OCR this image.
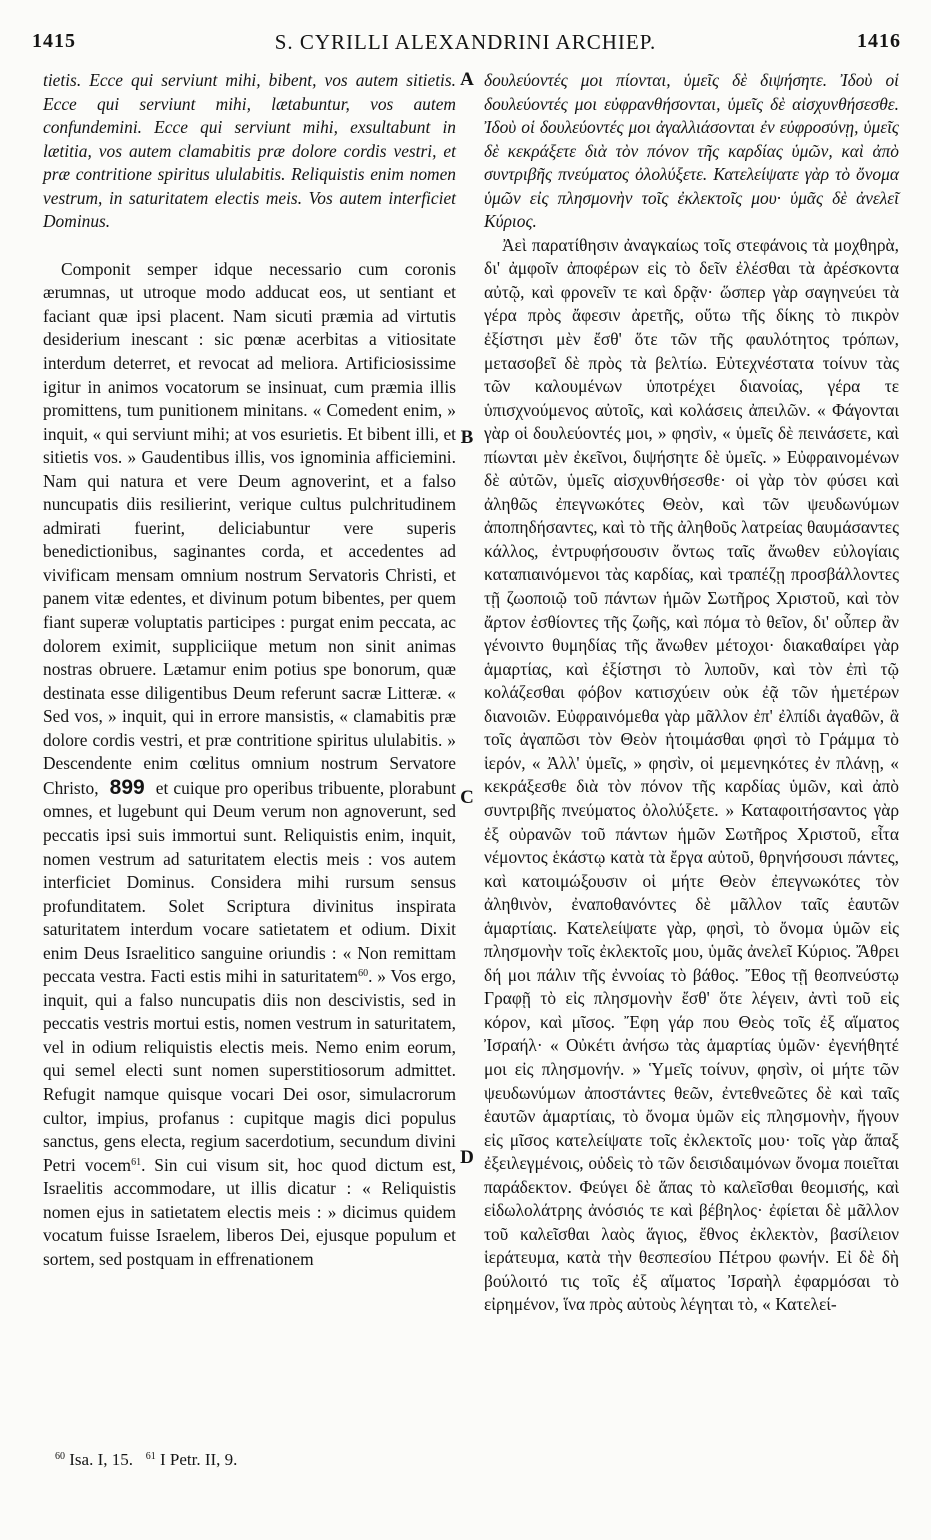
1415	S. CYRILLI ALEXANDRINI ARCHIEP.	1416

tietis. Ecce qui serviunt mihi, bibent, vos autem sitietis. Ecce qui serviunt mihi, lætabuntur, vos autem confundemini. Ecce qui serviunt mihi, exsultabunt in lætitia, vos autem clamabitis præ dolore cordis vestri, et præ contritione spiritus ululabitis. Reliquistis enim nomen vestrum, in saturitatem electis meis. Vos autem interficiet Dominus.

Componit semper idque necessario cum coronis ærumnas, ut utroque modo adducat eos, ut sentiant et faciant quæ ipsi placent. Nam sicuti præmia ad virtutis desiderium inescant : sic pœnæ acerbitas a vitiositate interdum deterret, et revocat ad meliora. Artificiosissime igitur in animos vocatorum se insinuat, cum præmia illis promittens, tum punitionem minitans. « Comedent enim, » inquit, « qui serviunt mihi; at vos esurietis. Et bibent illi, et sitietis vos. » Gaudentibus illis, vos ignominia afficiemini. Nam qui natura et vere Deum agnoverint, et a falso nuncupatis diis resilierint, verique cultus pulchritudinem admirati fuerint, deliciabuntur vere superis benedictionibus, saginantes corda, et accedentes ad vivificam mensam omnium nostrum Servatoris Christi, et panem vitæ edentes, et divinum potum bibentes, per quem fiant superæ voluptatis participes : purgat enim peccata, ac dolorem eximit, suppliciique metum non sinit animas nostras obruere. Lætamur enim potius spe bonorum, quæ destinata esse diligentibus Deum referunt sacræ Litteræ. « Sed vos, » inquit, qui in errore mansistis, « clamabitis præ dolore cordis vestri, et præ contritione spiritus ululabitis. » Descendente enim cœlitus omnium nostrum Servatore Christo, 899 et cuique pro operibus tribuente, plorabunt omnes, et lugebunt qui Deum verum non agnoverunt, sed peccatis ipsi suis immortui sunt. Reliquistis enim, inquit, nomen vestrum ad saturitatem electis meis : vos autem interficiet Dominus. Considera mihi rursum sensus profunditatem. Solet Scriptura divinitus inspirata saturitatem interdum vocare satietatem et odium. Dixit enim Deus Israelitico sanguine oriundis : « Non remittam peccata vestra. Facti estis mihi in saturitatem$^{60}$. » Vos ergo, inquit, qui a falso nuncupatis diis non descivistis, sed in peccatis vestris mortui estis, nomen vestrum in saturitatem, vel in odium reliquistis electis meis. Nemo enim eorum, qui semel electi sunt nomen superstitiosorum admittet. Refugit namque quisque vocari Dei osor, simulacrorum cultor, impius, profanus : cupitque magis dici populus sanctus, gens electa, regium sacerdotium, secundum divini Petri vocem$^{61}$. Sin cui visum sit, hoc quod dictum est, Israelitis accommodare, ut illis dicatur : « Reliquistis nomen ejus in satietatem electis meis : » dicimus quidem vocatum fuisse Israelem, liberos Dei, ejusque populum et sortem, sed postquam in effrenationem

A
B
C
D

δουλεύοντές μοι πίονται, ὑμεῖς δὲ διψήσητε. Ἰδοὺ οἱ δουλεύοντές μοι εὐφρανθήσονται, ὑμεῖς δὲ αἰσχυνθήσεσθε. Ἰδοὺ οἱ δουλεύοντές μοι ἀγαλλιάσονται ἐν εὐφροσύνῃ, ὑμεῖς δὲ κεκράξετε διὰ τὸν πόνον τῆς καρδίας ὑμῶν, καὶ ἀπὸ συντριβῆς πνεύματος ὀλολύξετε. Κατελείψατε γὰρ τὸ ὄνομα ὑμῶν εἰς πλησμονὴν τοῖς ἐκλεκτοῖς μου· ὑμᾶς δὲ ἀνελεῖ Κύριος.

Ἀεὶ παρατίθησιν ἀναγκαίως τοῖς στεφάνοις τὰ μοχθηρὰ, δι' ἀμφοῖν ἀποφέρων εἰς τὸ δεῖν ἐλέσθαι τὰ ἀρέσκοντα αὐτῷ, καὶ φρονεῖν τε καὶ δρᾷν· ὥσπερ γὰρ σαγηνεύει τὰ γέρα πρὸς ἄφεσιν ἀρετῆς, οὕτω τῆς δίκης τὸ πικρὸν ἐξίστησι μὲν ἔσθ' ὅτε τῶν τῆς φαυλότητος τρόπων, μετασοβεῖ δὲ πρὸς τὰ βελτίω. Εὐτεχνέστατα τοίνυν τὰς τῶν καλουμένων ὑποτρέχει διανοίας, γέρα τε ὑπισχνούμενος αὐτοῖς, καὶ κολάσεις ἀπειλῶν. « Φάγονται γὰρ οἱ δουλεύοντές μοι, » φησὶν, « ὑμεῖς δὲ πεινάσετε, καὶ πίωνται μὲν ἐκεῖνοι, διψήσητε δὲ ὑμεῖς. » Εὐφραινομένων δὲ αὐτῶν, ὑμεῖς αἰσχυνθήσεσθε· οἱ γὰρ τὸν φύσει καὶ ἀληθῶς ἐπεγνωκότες Θεὸν, καὶ τῶν ψευδωνύμων ἀποπηδήσαντες, καὶ τὸ τῆς ἀληθοῦς λατρείας θαυμάσαντες κάλλος, ἐντρυφήσουσιν ὄντως ταῖς ἄνωθεν εὐλογίαις καταπιαινόμενοι τὰς καρδίας, καὶ τραπέζῃ προσβάλλοντες τῇ ζωοποιῷ τοῦ πάντων ἡμῶν Σωτῆρος Χριστοῦ, καὶ τὸν ἄρτον ἐσθίοντες τῆς ζωῆς, καὶ πόμα τὸ θεῖον, δι' οὗπερ ἂν γένοιντο θυμηδίας τῆς ἄνωθεν μέτοχοι· διακαθαίρει γὰρ ἁμαρτίας, καὶ ἐξίστησι τὸ λυποῦν, καὶ τὸν ἐπὶ τῷ κολάζεσθαι φόβον κατισχύειν οὐκ ἐᾷ τῶν ἡμετέρων διανοιῶν. Εὐφραινόμεθα γὰρ μᾶλλον ἐπ' ἐλπίδι ἀγαθῶν, ἃ τοῖς ἀγαπῶσι τὸν Θεὸν ἡτοιμάσθαι φησὶ τὸ Γράμμα τὸ ἱερόν, « Ἀλλ' ὑμεῖς, » φησὶν, οἱ μεμενηκότες ἐν πλάνῃ, « κεκράξεσθε διὰ τὸν πόνον τῆς καρδίας ὑμῶν, καὶ ἀπὸ συντριβῆς πνεύματος ὀλολύξετε. » Καταφοιτήσαντος γὰρ ἐξ οὐρανῶν τοῦ πάντων ἡμῶν Σωτῆρος Χριστοῦ, εἶτα νέμοντος ἑκάστῳ κατὰ τὰ ἔργα αὐτοῦ, θρηνήσουσι πάντες, καὶ κατοιμώξουσιν οἱ μήτε Θεὸν ἐπεγνωκότες τὸν ἀληθινὸν, ἐναποθανόντες δὲ μᾶλλον ταῖς ἑαυτῶν ἁμαρτίαις. Κατελείψατε γὰρ, φησὶ, τὸ ὄνομα ὑμῶν εἰς πλησμονὴν τοῖς ἐκλεκτοῖς μου, ὑμᾶς ἀνελεῖ Κύριος. Ἄθρει δή μοι πάλιν τῆς ἐννοίας τὸ βάθος. Ἔθος τῇ θεοπνεύστῳ Γραφῇ τὸ εἰς πλησμονὴν ἔσθ' ὅτε λέγειν, ἀντὶ τοῦ εἰς κόρον, καὶ μῖσος. Ἔφη γάρ που Θεὸς τοῖς ἐξ αἵματος Ἰσραήλ· « Οὐκέτι ἀνήσω τὰς ἁμαρτίας ὑμῶν· ἐγενήθητέ μοι εἰς πλησμονήν. » Ὑμεῖς τοίνυν, φησὶν, οἱ μήτε τῶν ψευδωνύμων ἀποστάντες θεῶν, ἐντεθνεῶτες δὲ καὶ ταῖς ἑαυτῶν ἁμαρτίαις, τὸ ὄνομα ὑμῶν εἰς πλησμονὴν, ἤγουν εἰς μῖσος κατελείψατε τοῖς ἐκλεκτοῖς μου· τοῖς γὰρ ἅπαξ ἐξειλεγμένοις, οὐδεὶς τὸ τῶν δεισιδαιμόνων ὄνομα ποιεῖται παράδεκτον. Φεύγει δὲ ἅπας τὸ καλεῖσθαι θεομισής, καὶ εἰδωλολάτρης ἀνόσιός τε καὶ βέβηλος· ἐφίεται δὲ μᾶλλον τοῦ καλεῖσθαι λαὸς ἅγιος, ἔθνος ἐκλεκτὸν, βασίλειον ἱεράτευμα, κατὰ τὴν θεσπεσίου Πέτρου φωνήν. Εἰ δὲ δὴ βούλοιτό τις τοῖς ἐξ αἵματος Ἰσραὴλ ἐφαρμόσαι τὸ εἰρημένον, ἵνα πρὸς αὐτοὺς λέγηται τὸ, « Κατελεί-

$^{60}$ Isa. I, 15. $^{61}$ I Petr. II, 9.
